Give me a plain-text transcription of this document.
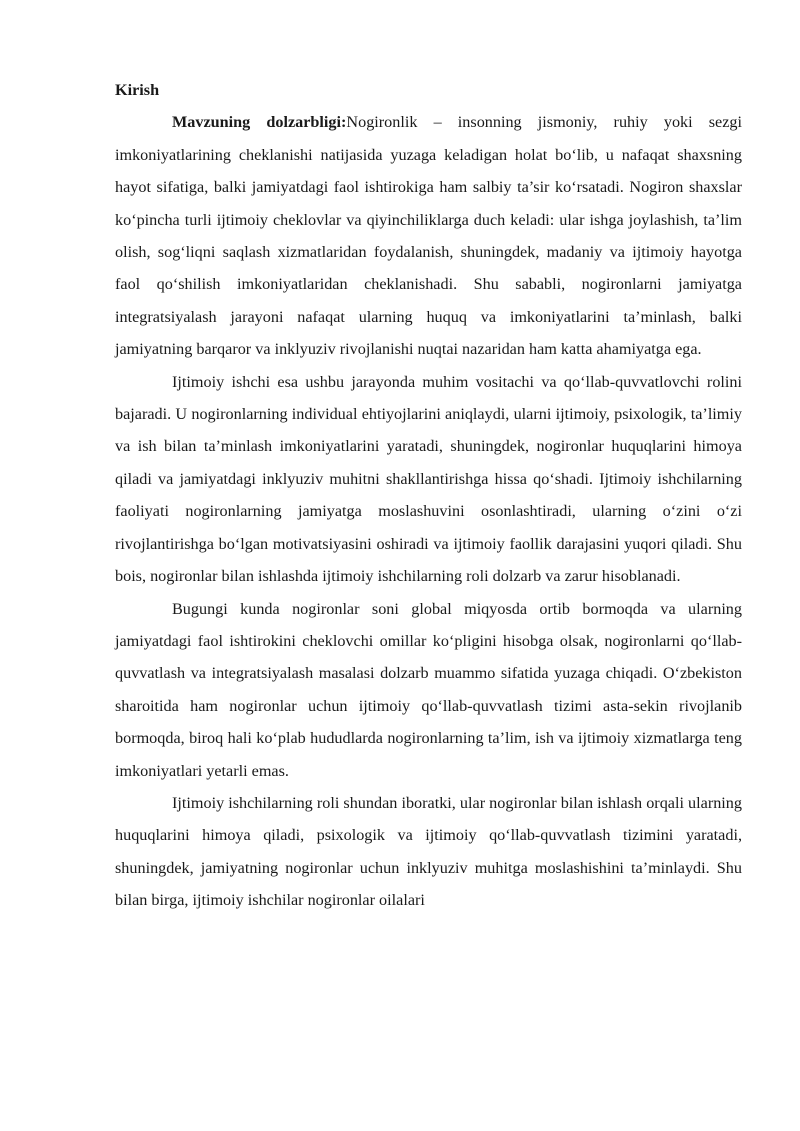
Kirish

Mavzuning dolzarbligi:Nogironlik – insonning jismoniy, ruhiy yoki sezgi imkoniyatlarining cheklanishi natijasida yuzaga keladigan holat bo‘lib, u nafaqat shaxsning hayot sifatiga, balki jamiyatdagi faol ishtirokiga ham salbiy ta’sir ko‘rsatadi. Nogiron shaxslar ko‘pincha turli ijtimoiy cheklovlar va qiyinchiliklarga duch keladi: ular ishga joylashish, ta’lim olish, sog‘liqni saqlash xizmatlaridan foydalanish, shuningdek, madaniy va ijtimoiy hayotga faol qo‘shilish imkoniyatlaridan cheklanishadi. Shu sababli, nogironlarni jamiyatga integratsiyalash jarayoni nafaqat ularning huquq va imkoniyatlarini ta’minlash, balki jamiyatning barqaror va inklyuziv rivojlanishi nuqtai nazaridan ham katta ahamiyatga ega.

Ijtimoiy ishchi esa ushbu jarayonda muhim vositachi va qo‘llab-quvvatlovchi rolini bajaradi. U nogironlarning individual ehtiyojlarini aniqlaydi, ularni ijtimoiy, psixologik, ta’limiy va ish bilan ta’minlash imkoniyatlarini yaratadi, shuningdek, nogironlar huquqlarini himoya qiladi va jamiyatdagi inklyuziv muhitni shakllantirishga hissa qo‘shadi. Ijtimoiy ishchilarning faoliyati nogironlarning jamiyatga moslashuvini osonlashtiradi, ularning o‘zini o‘zi rivojlantirishga bo‘lgan motivatsiyasini oshiradi va ijtimoiy faollik darajasini yuqori qiladi. Shu bois, nogironlar bilan ishlashda ijtimoiy ishchilarning roli dolzarb va zarur hisoblanadi.

Bugungi kunda nogironlar soni global miqyosda ortib bormoqda va ularning jamiyatdagi faol ishtirokini cheklovchi omillar ko‘pligini hisobga olsak, nogironlarni qo‘llab-quvvatlash va integratsiyalash masalasi dolzarb muammo sifatida yuzaga chiqadi. O‘zbekiston sharoitida ham nogironlar uchun ijtimoiy qo‘llab-quvvatlash tizimi asta-sekin rivojlanib bormoqda, biroq hali ko‘plab hududlarda nogironlarning ta’lim, ish va ijtimoiy xizmatlarga teng imkoniyatlari yetarli emas.

Ijtimoiy ishchilarning roli shundan iboratki, ular nogironlar bilan ishlash orqali ularning huquqlarini himoya qiladi, psixologik va ijtimoiy qo‘llab-quvvatlash tizimini yaratadi, shuningdek, jamiyatning nogironlar uchun inklyuziv muhitga moslashishini ta’minlaydi. Shu bilan birga, ijtimoiy ishchilar nogironlar oilalari
